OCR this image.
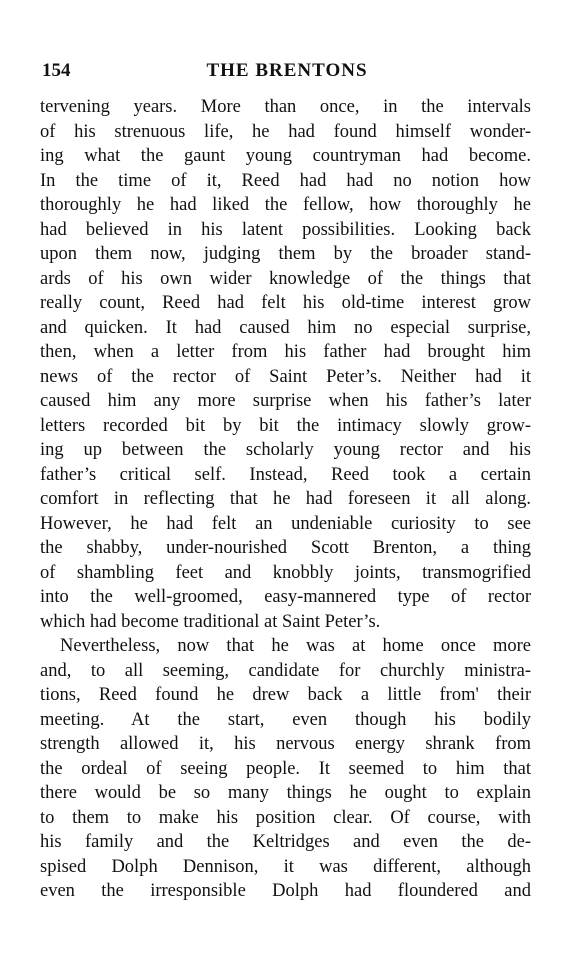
154	THE BRENTONS
tervening years. More than once, in the intervals
of his strenuous life, he had found himself wonder-
ing what the gaunt young countryman had become.
In the time of it, Reed had had no notion how
thoroughly he had liked the fellow, how thoroughly he
had believed in his latent possibilities. Looking back
upon them now, judging them by the broader stand-
ards of his own wider knowledge of the things that
really count, Reed had felt his old-time interest grow
and quicken. It had caused him no especial surprise,
then, when a letter from his father had brought him
news of the rector of Saint Peter’s. Neither had it
caused him any more surprise when his father’s later
letters recorded bit by bit the intimacy slowly grow-
ing up between the scholarly young rector and his
father’s critical self. Instead, Reed took a certain
comfort in reflecting that he had foreseen it all along.
However, he had felt an undeniable curiosity to see
the shabby, under-nourished Scott Brenton, a thing
of shambling feet and knobbly joints, transmogrified
into the well-groomed, easy-mannered type of rector
which had become traditional at Saint Peter’s.
Nevertheless, now that he was at home once more
and, to all seeming, candidate for churchly ministra-
tions, Reed found he drew back a little from' their
meeting. At the start, even though his bodily
strength allowed it, his nervous energy shrank from
the ordeal of seeing people. It seemed to him that
there would be so many things he ought to explain
to them to make his position clear. Of course, with
his family and the Keltridges and even the de-
spised Dolph Dennison, it was different, although
even the irresponsible Dolph had floundered and
